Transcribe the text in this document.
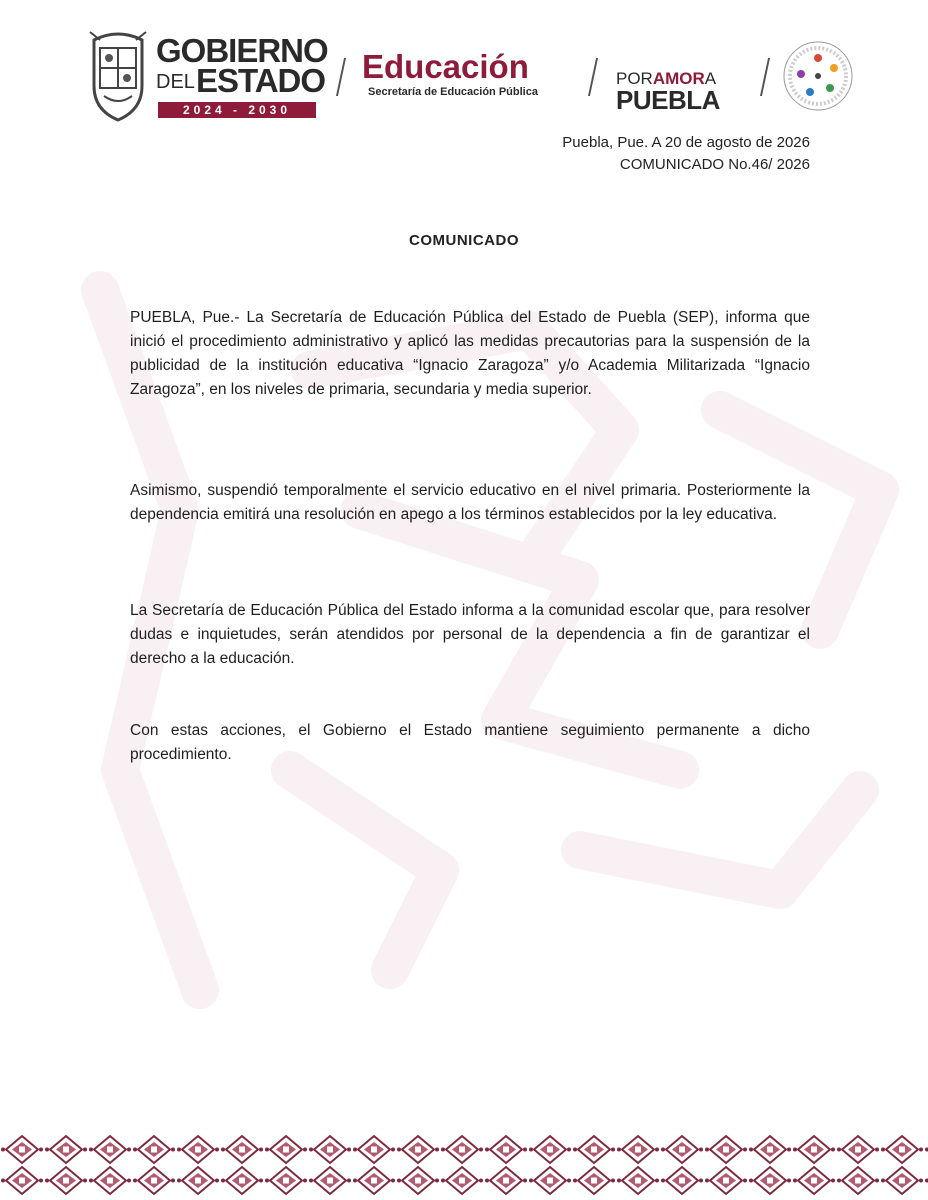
GOBIERNO
DELESTADO
2024 - 2030
Educación
Secretaría de Educación Pública
PORAMORA
PUEBLA
Puebla, Pue. A 20 de agosto de 2026
COMUNICADO No.46/ 2026
COMUNICADO

PUEBLA, Pue.- La Secretaría de Educación Pública del Estado de Puebla (SEP), informa que inició el procedimiento administrativo y aplicó las medidas precautorias para la suspensión de la publicidad de la institución educativa “Ignacio Zaragoza” y/o Academia Militarizada “Ignacio Zaragoza”, en los niveles de primaria, secundaria y media superior.

Asimismo, suspendió temporalmente el servicio educativo en el nivel primaria. Posteriormente la dependencia emitirá una resolución en apego a los términos establecidos por la ley educativa.

La Secretaría de Educación Pública del Estado informa a la comunidad escolar que, para resolver dudas e inquietudes, serán atendidos por personal de la dependencia a fin de garantizar el derecho a la educación.

Con estas acciones, el Gobierno el Estado mantiene seguimiento permanente a dicho procedimiento.
